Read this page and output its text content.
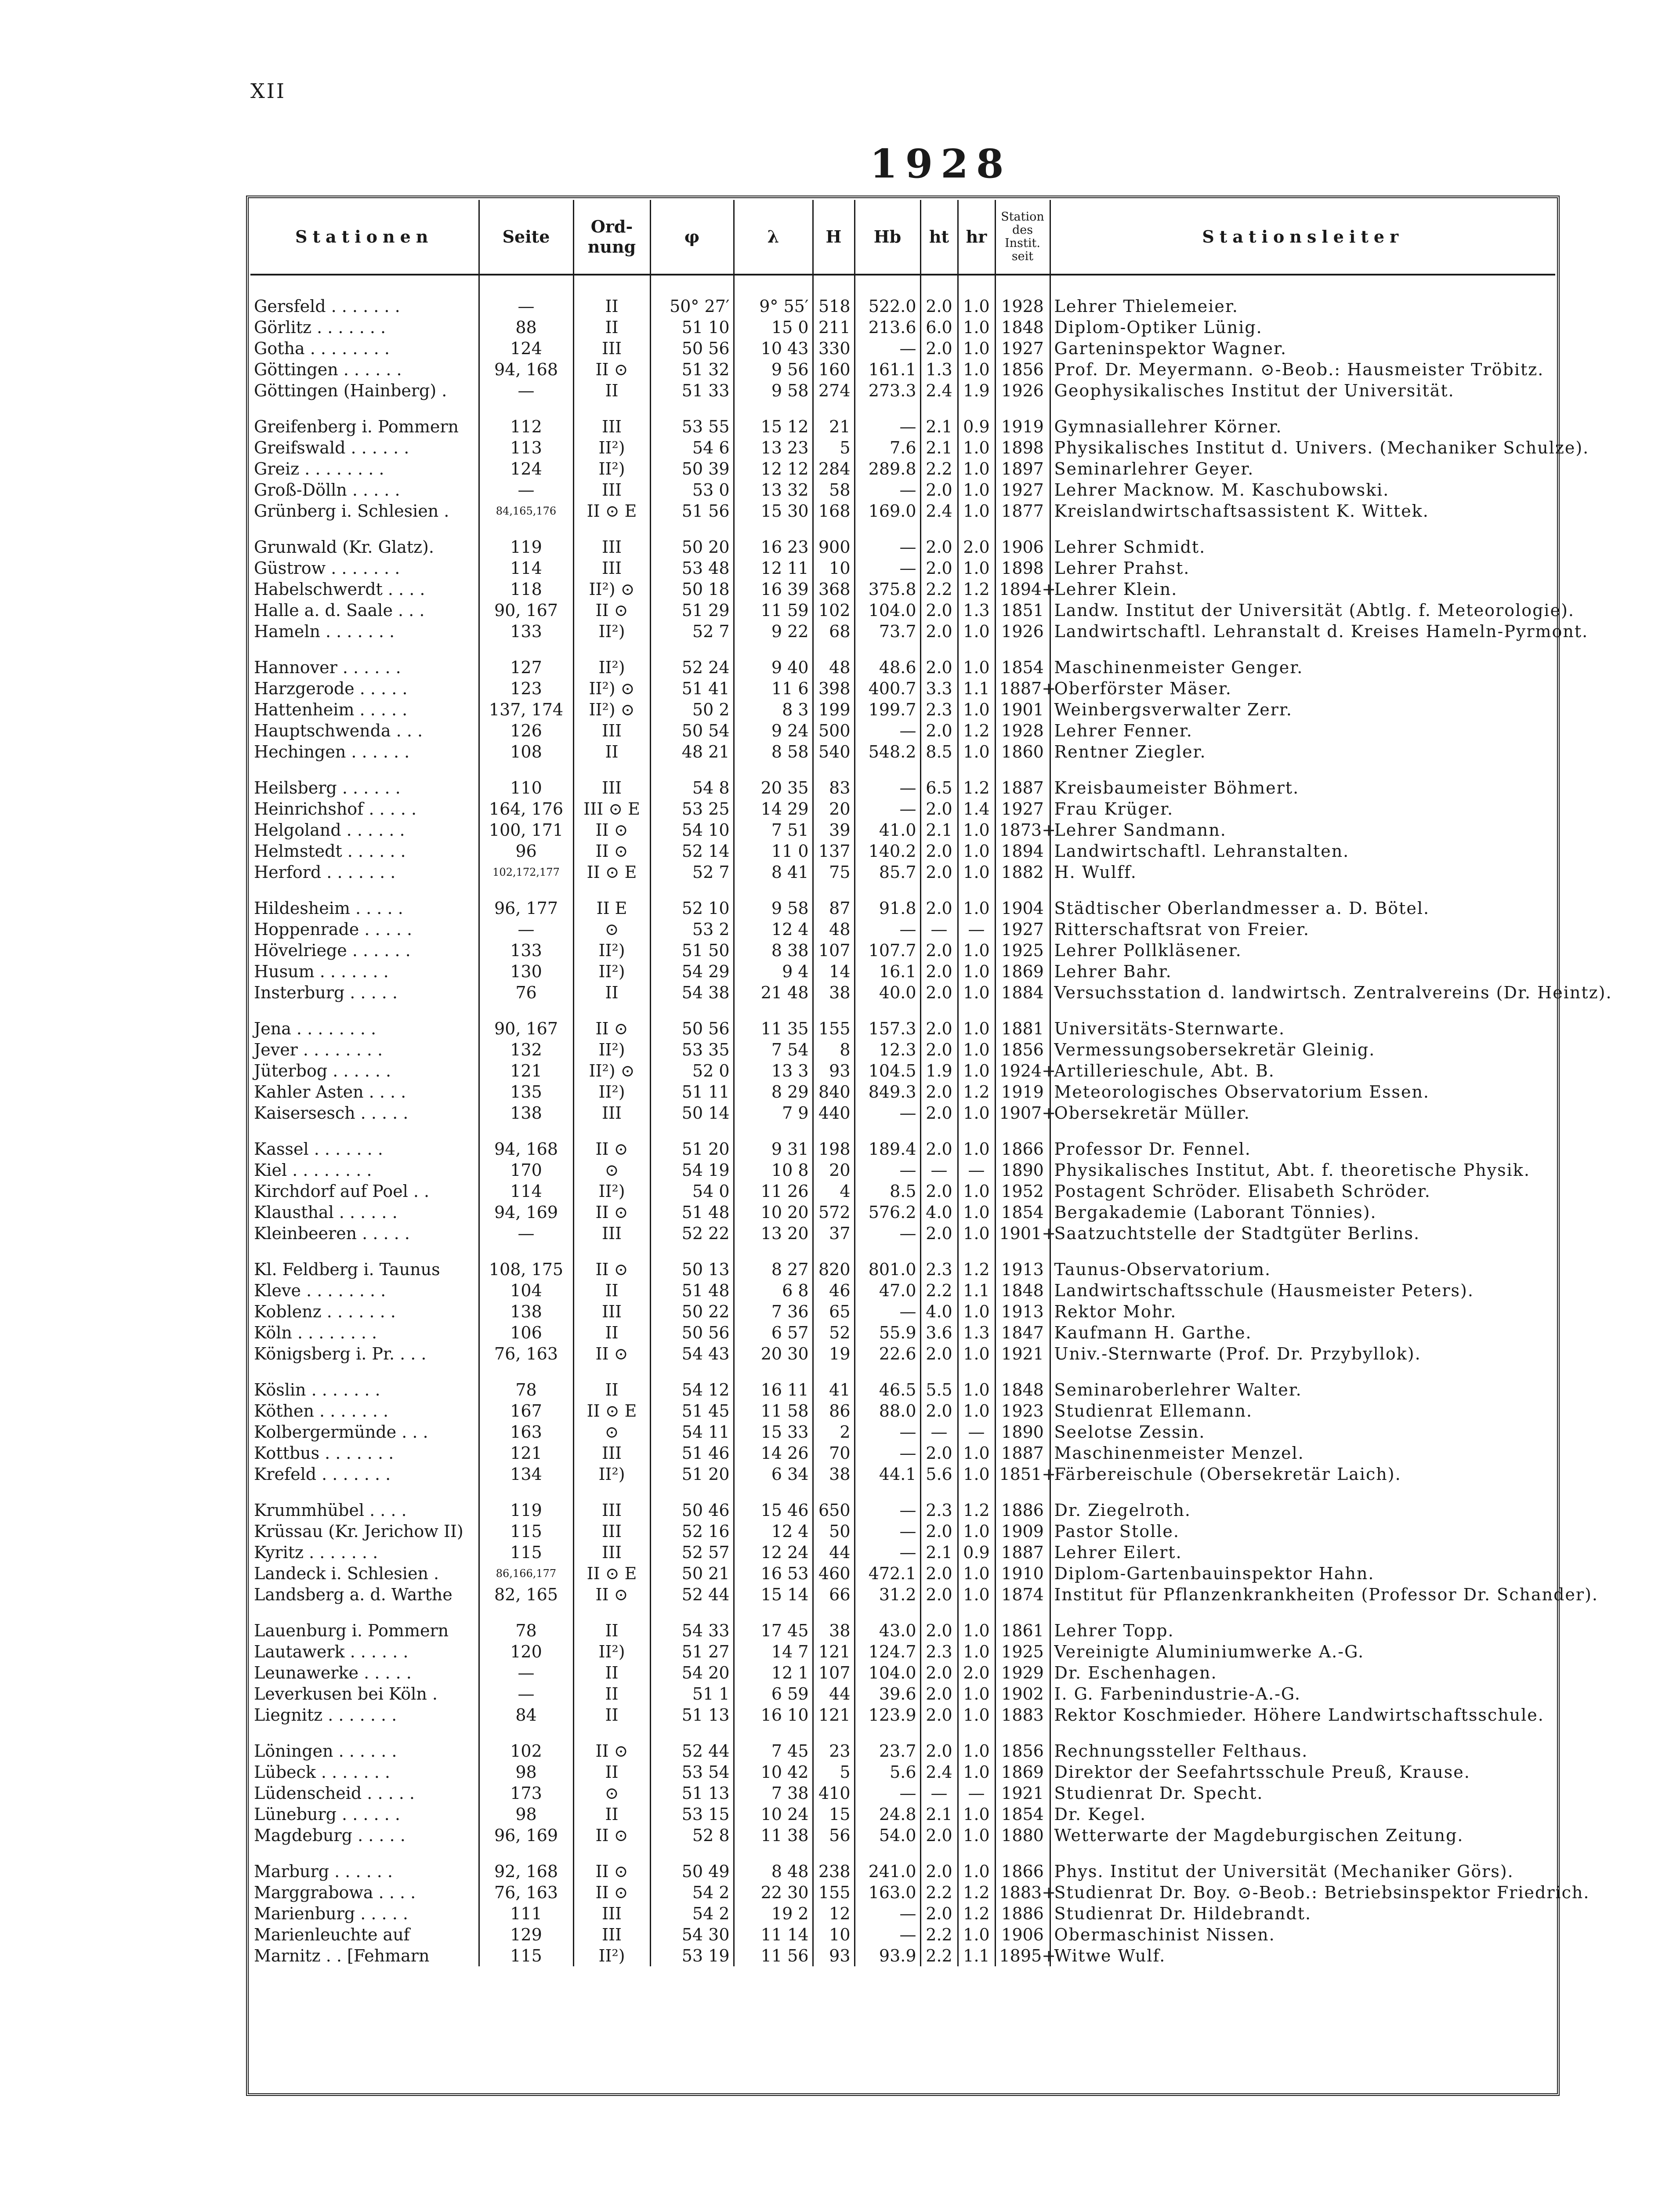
XII
1928
Stationen	Seite	Ord-nung	φ	λ	H	Hb	ht	hr	Station des Instit. seit	Stationsleiter
Gersfeld . . . . . . .	—	II	50° 27′	9° 55′	518	522.0	2.0	1.0	1928	Lehrer Thielemeier.
Görlitz . . . . . . .	88	II	51 10	15 0	211	213.6	6.0	1.0	1848	Diplom-Optiker Lünig.
Gotha . . . . . . . .	124	III	50 56	10 43	330	—	2.0	1.0	1927	Garteninspektor Wagner.
Göttingen . . . . . .	94, 168	II ⊙	51 32	9 56	160	161.1	1.3	1.0	1856	Prof. Dr. Meyermann. ⊙-Beob.: Hausmeister Tröbitz.
Göttingen (Hainberg) .	—	II	51 33	9 58	274	273.3	2.4	1.9	1926	Geophysikalisches Institut der Universität.

Greifenberg i. Pommern	112	III	53 55	15 12	21	—	2.1	0.9	1919	Gymnasiallehrer Körner.
Greifswald . . . . . .	113	II²)	54 6	13 23	5	7.6	2.1	1.0	1898	Physikalisches Institut d. Univers. (Mechaniker Schulze).
Greiz . . . . . . . .	124	II²)	50 39	12 12	284	289.8	2.2	1.0	1897	Seminarlehrer Geyer.
Groß-Dölln . . . . .	—	III	53 0	13 32	58	—	2.0	1.0	1927	Lehrer Macknow. M. Kaschubowski.
Grünberg i. Schlesien .	84,165,176	II ⊙ E	51 56	15 30	168	169.0	2.4	1.0	1877	Kreislandwirtschaftsassistent K. Wittek.

Grunwald (Kr. Glatz).	119	III	50 20	16 23	900	—	2.0	2.0	1906	Lehrer Schmidt.
Güstrow . . . . . . .	114	III	53 48	12 11	10	—	2.0	1.0	1898	Lehrer Prahst.
Habelschwerdt . . . .	118	II²) ⊙	50 18	16 39	368	375.8	2.2	1.2	1894+	Lehrer Klein.
Halle a. d. Saale . . .	90, 167	II ⊙	51 29	11 59	102	104.0	2.0	1.3	1851	Landw. Institut der Universität (Abtlg. f. Meteorologie).
Hameln . . . . . . .	133	II²)	52 7	9 22	68	73.7	2.0	1.0	1926	Landwirtschaftl. Lehranstalt d. Kreises Hameln-Pyrmont.

Hannover . . . . . .	127	II²)	52 24	9 40	48	48.6	2.0	1.0	1854	Maschinenmeister Genger.
Harzgerode . . . . .	123	II²) ⊙	51 41	11 6	398	400.7	3.3	1.1	1887+	Oberförster Mäser.
Hattenheim . . . . .	137, 174	II²) ⊙	50 2	8 3	199	199.7	2.3	1.0	1901	Weinbergsverwalter Zerr.
Hauptschwenda . . .	126	III	50 54	9 24	500	—	2.0	1.2	1928	Lehrer Fenner.
Hechingen . . . . . .	108	II	48 21	8 58	540	548.2	8.5	1.0	1860	Rentner Ziegler.

Heilsberg . . . . . .	110	III	54 8	20 35	83	—	6.5	1.2	1887	Kreisbaumeister Böhmert.
Heinrichshof . . . . .	164, 176	III ⊙ E	53 25	14 29	20	—	2.0	1.4	1927	Frau Krüger.
Helgoland . . . . . .	100, 171	II ⊙	54 10	7 51	39	41.0	2.1	1.0	1873+	Lehrer Sandmann.
Helmstedt . . . . . .	96	II ⊙	52 14	11 0	137	140.2	2.0	1.0	1894	Landwirtschaftl. Lehranstalten.
Herford . . . . . . .	102,172,177	II ⊙ E	52 7	8 41	75	85.7	2.0	1.0	1882	H. Wulff.

Hildesheim . . . . .	96, 177	II E	52 10	9 58	87	91.8	2.0	1.0	1904	Städtischer Oberlandmesser a. D. Bötel.
Hoppenrade . . . . .	—	⊙	53 2	12 4	48	—	—	—	1927	Ritterschaftsrat von Freier.
Hövelriege . . . . . .	133	II²)	51 50	8 38	107	107.7	2.0	1.0	1925	Lehrer Pollkläsener.
Husum . . . . . . .	130	II²)	54 29	9 4	14	16.1	2.0	1.0	1869	Lehrer Bahr.
Insterburg . . . . .	76	II	54 38	21 48	38	40.0	2.0	1.0	1884	Versuchsstation d. landwirtsch. Zentralvereins (Dr. Heintz).

Jena . . . . . . . .	90, 167	II ⊙	50 56	11 35	155	157.3	2.0	1.0	1881	Universitäts-Sternwarte.
Jever . . . . . . . .	132	II²)	53 35	7 54	8	12.3	2.0	1.0	1856	Vermessungsobersekretär Gleinig.
Jüterbog . . . . . .	121	II²) ⊙	52 0	13 3	93	104.5	1.9	1.0	1924+	Artillerieschule, Abt. B.
Kahler Asten . . . .	135	II²)	51 11	8 29	840	849.3	2.0	1.2	1919	Meteorologisches Observatorium Essen.
Kaisersesch . . . . .	138	III	50 14	7 9	440	—	2.0	1.0	1907+	Obersekretär Müller.

Kassel . . . . . . .	94, 168	II ⊙	51 20	9 31	198	189.4	2.0	1.0	1866	Professor Dr. Fennel.
Kiel . . . . . . . .	170	⊙	54 19	10 8	20	—	—	—	1890	Physikalisches Institut, Abt. f. theoretische Physik.
Kirchdorf auf Poel . .	114	II²)	54 0	11 26	4	8.5	2.0	1.0	1952	Postagent Schröder. Elisabeth Schröder.
Klausthal . . . . . .	94, 169	II ⊙	51 48	10 20	572	576.2	4.0	1.0	1854	Bergakademie (Laborant Tönnies).
Kleinbeeren . . . . .	—	III	52 22	13 20	37	—	2.0	1.0	1901+	Saatzuchtstelle der Stadtgüter Berlins.

Kl. Feldberg i. Taunus	108, 175	II ⊙	50 13	8 27	820	801.0	2.3	1.2	1913	Taunus-Observatorium.
Kleve . . . . . . . .	104	II	51 48	6 8	46	47.0	2.2	1.1	1848	Landwirtschaftsschule (Hausmeister Peters).
Koblenz . . . . . . .	138	III	50 22	7 36	65	—	4.0	1.0	1913	Rektor Mohr.
Köln . . . . . . . .	106	II	50 56	6 57	52	55.9	3.6	1.3	1847	Kaufmann H. Garthe.
Königsberg i. Pr. . . .	76, 163	II ⊙	54 43	20 30	19	22.6	2.0	1.0	1921	Univ.-Sternwarte (Prof. Dr. Przybyllok).

Köslin . . . . . . .	78	II	54 12	16 11	41	46.5	5.5	1.0	1848	Seminaroberlehrer Walter.
Köthen . . . . . . .	167	II ⊙ E	51 45	11 58	86	88.0	2.0	1.0	1923	Studienrat Ellemann.
Kolbergermünde . . .	163	⊙	54 11	15 33	2	—	—	—	1890	Seelotse Zessin.
Kottbus . . . . . . .	121	III	51 46	14 26	70	—	2.0	1.0	1887	Maschinenmeister Menzel.
Krefeld . . . . . . .	134	II²)	51 20	6 34	38	44.1	5.6	1.0	1851+	Färbereischule (Obersekretär Laich).

Krummhübel . . . .	119	III	50 46	15 46	650	—	2.3	1.2	1886	Dr. Ziegelroth.
Krüssau (Kr. Jerichow II)	115	III	52 16	12 4	50	—	2.0	1.0	1909	Pastor Stolle.
Kyritz . . . . . . .	115	III	52 57	12 24	44	—	2.1	0.9	1887	Lehrer Eilert.
Landeck i. Schlesien .	86,166,177	II ⊙ E	50 21	16 53	460	472.1	2.0	1.0	1910	Diplom-Gartenbauinspektor Hahn.
Landsberg a. d. Warthe	82, 165	II ⊙	52 44	15 14	66	31.2	2.0	1.0	1874	Institut für Pflanzenkrankheiten (Professor Dr. Schander).

Lauenburg i. Pommern	78	II	54 33	17 45	38	43.0	2.0	1.0	1861	Lehrer Topp.
Lautawerk . . . . . .	120	II²)	51 27	14 7	121	124.7	2.3	1.0	1925	Vereinigte Aluminiumwerke A.-G.
Leunawerke . . . . .	—	II	54 20	12 1	107	104.0	2.0	2.0	1929	Dr. Eschenhagen.
Leverkusen bei Köln .	—	II	51 1	6 59	44	39.6	2.0	1.0	1902	I. G. Farbenindustrie-A.-G.
Liegnitz . . . . . . .	84	II	51 13	16 10	121	123.9	2.0	1.0	1883	Rektor Koschmieder. Höhere Landwirtschaftsschule.

Löningen . . . . . .	102	II ⊙	52 44	7 45	23	23.7	2.0	1.0	1856	Rechnungssteller Felthaus.
Lübeck . . . . . . .	98	II	53 54	10 42	5	5.6	2.4	1.0	1869	Direktor der Seefahrtsschule Preuß, Krause.
Lüdenscheid . . . . .	173	⊙	51 13	7 38	410	—	—	—	1921	Studienrat Dr. Specht.
Lüneburg . . . . . .	98	II	53 15	10 24	15	24.8	2.1	1.0	1854	Dr. Kegel.
Magdeburg . . . . .	96, 169	II ⊙	52 8	11 38	56	54.0	2.0	1.0	1880	Wetterwarte der Magdeburgischen Zeitung.

Marburg . . . . . .	92, 168	II ⊙	50 49	8 48	238	241.0	2.0	1.0	1866	Phys. Institut der Universität (Mechaniker Görs).
Marggrabowa . . . .	76, 163	II ⊙	54 2	22 30	155	163.0	2.2	1.2	1883+	Studienrat Dr. Boy. ⊙-Beob.: Betriebsinspektor Friedrich.
Marienburg . . . . .	111	III	54 2	19 2	12	—	2.0	1.2	1886	Studienrat Dr. Hildebrandt.
Marienleuchte auf	129	III	54 30	11 14	10	—	2.2	1.0	1906	Obermaschinist Nissen.
Marnitz . . [Fehmarn	115	II²)	53 19	11 56	93	93.9	2.2	1.1	1895+	Witwe Wulf.
